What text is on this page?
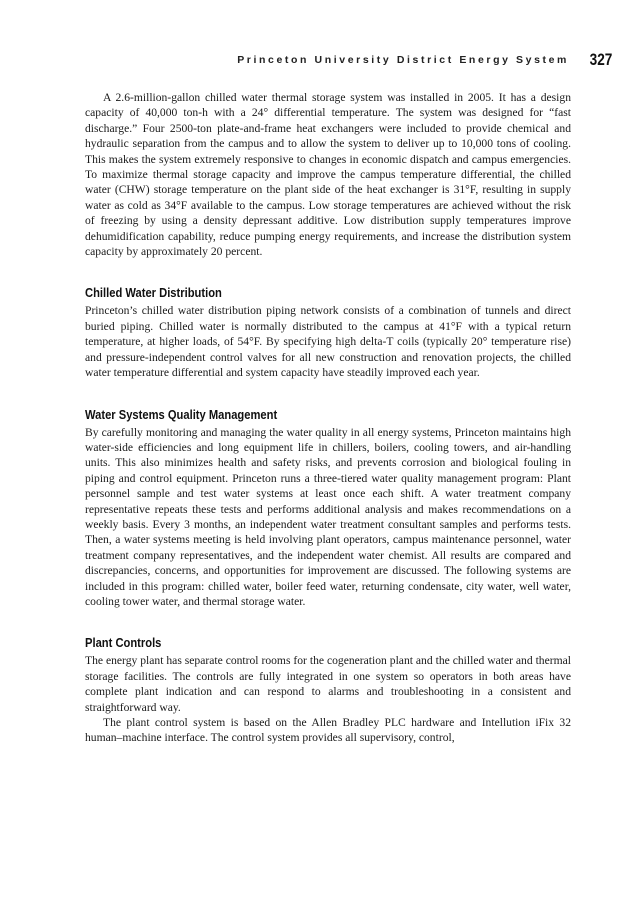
Princeton University District Energy System 327

A 2.6-million-gallon chilled water thermal storage system was installed in 2005. It has a design capacity of 40,000 ton-h with a 24° differential temperature. The system was designed for “fast discharge.” Four 2500-ton plate-and-frame heat exchangers were included to provide chemical and hydraulic separation from the campus and to allow the system to deliver up to 10,000 tons of cooling. This makes the system extremely responsive to changes in economic dispatch and campus emergencies. To maximize thermal storage capacity and improve the campus temperature differential, the chilled water (CHW) storage temperature on the plant side of the heat exchanger is 31°F, resulting in supply water as cold as 34°F available to the campus. Low storage temperatures are achieved without the risk of freezing by using a density depressant additive. Low distribution supply temperatures improve dehumidification capability, reduce pumping energy requirements, and increase the distribution system capacity by approximately 20 percent.

Chilled Water Distribution

Princeton’s chilled water distribution piping network consists of a combination of tunnels and direct buried piping. Chilled water is normally distributed to the campus at 41°F with a typical return temperature, at higher loads, of 54°F. By specifying high delta-T coils (typically 20° temperature rise) and pressure-independent control valves for all new construction and renovation projects, the chilled water temperature differential and system capacity have steadily improved each year.

Water Systems Quality Management

By carefully monitoring and managing the water quality in all energy systems, Princeton maintains high water-side efficiencies and long equipment life in chillers, boilers, cooling towers, and air-handling units. This also minimizes health and safety risks, and prevents corrosion and biological fouling in piping and control equipment. Princeton runs a three-tiered water quality management program: Plant personnel sample and test water systems at least once each shift. A water treatment company representative repeats these tests and performs additional analysis and makes recommendations on a weekly basis. Every 3 months, an independent water treatment consultant samples and performs tests. Then, a water systems meeting is held involving plant operators, campus maintenance personnel, water treatment company representatives, and the independent water chemist. All results are compared and discrepancies, concerns, and opportunities for improvement are discussed. The following systems are included in this program: chilled water, boiler feed water, returning condensate, city water, well water, cooling tower water, and thermal storage water.

Plant Controls

The energy plant has separate control rooms for the cogeneration plant and the chilled water and thermal storage facilities. The controls are fully integrated in one system so operators in both areas have complete plant indication and can respond to alarms and troubleshooting in a consistent and straightforward way.

The plant control system is based on the Allen Bradley PLC hardware and Intellution iFix 32 human–machine interface. The control system provides all supervisory, control,
